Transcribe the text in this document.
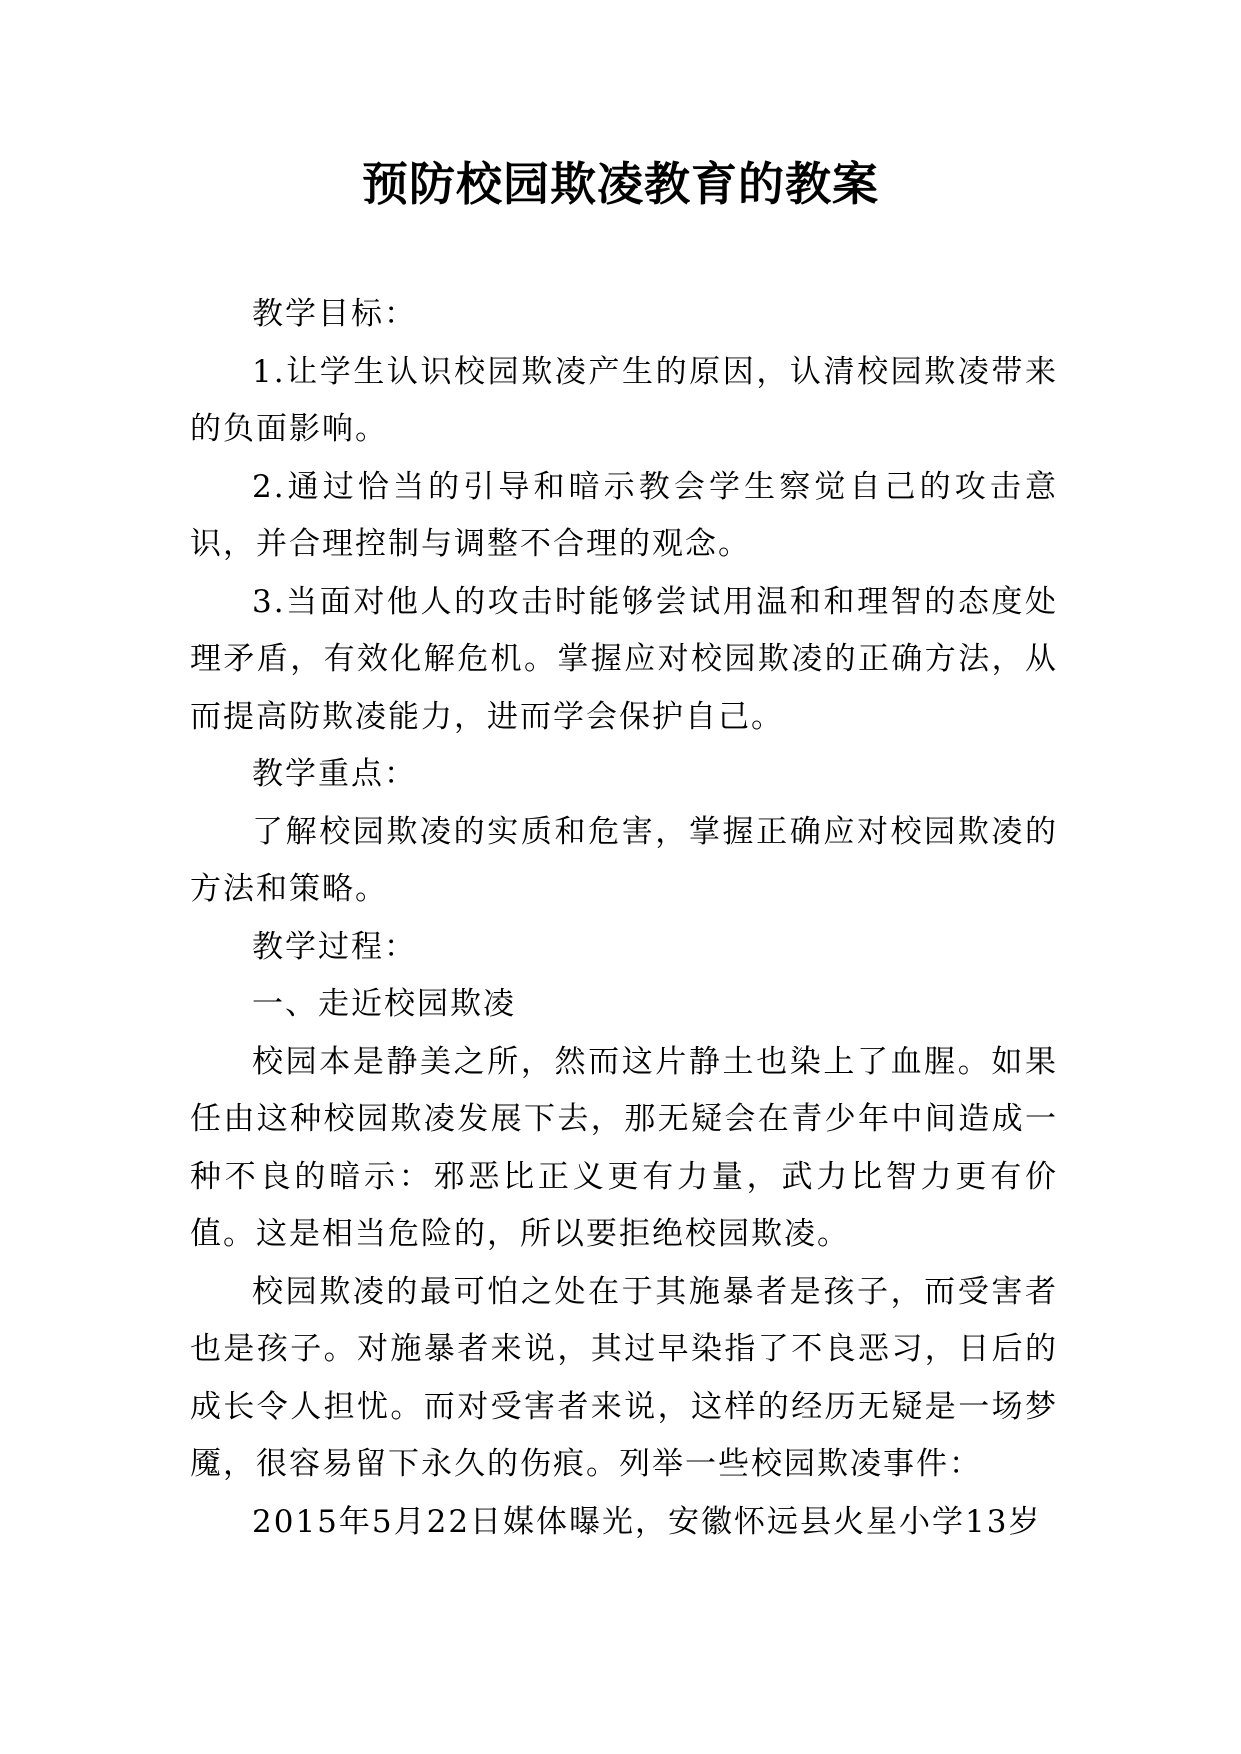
预防校园欺凌教育的教案

教学目标：

1.让学生认识校园欺凌产生的原因，认清校园欺凌带来的负面影响。

2.通过恰当的引导和暗示教会学生察觉自己的攻击意识，并合理控制与调整不合理的观念。

3.当面对他人的攻击时能够尝试用温和和理智的态度处理矛盾，有效化解危机。掌握应对校园欺凌的正确方法，从而提高防欺凌能力，进而学会保护自己。

教学重点：

了解校园欺凌的实质和危害，掌握正确应对校园欺凌的方法和策略。

教学过程：

一、走近校园欺凌

校园本是静美之所，然而这片静土也染上了血腥。如果任由这种校园欺凌发展下去，那无疑会在青少年中间造成一种不良的暗示：邪恶比正义更有力量，武力比智力更有价值。这是相当危险的，所以要拒绝校园欺凌。

校园欺凌的最可怕之处在于其施暴者是孩子，而受害者也是孩子。对施暴者来说，其过早染指了不良恶习，日后的成长令人担忧。而对受害者来说，这样的经历无疑是一场梦魇，很容易留下永久的伤痕。列举一些校园欺凌事件：

2015年5月22日媒体曝光，安徽怀远县火星小学13岁
